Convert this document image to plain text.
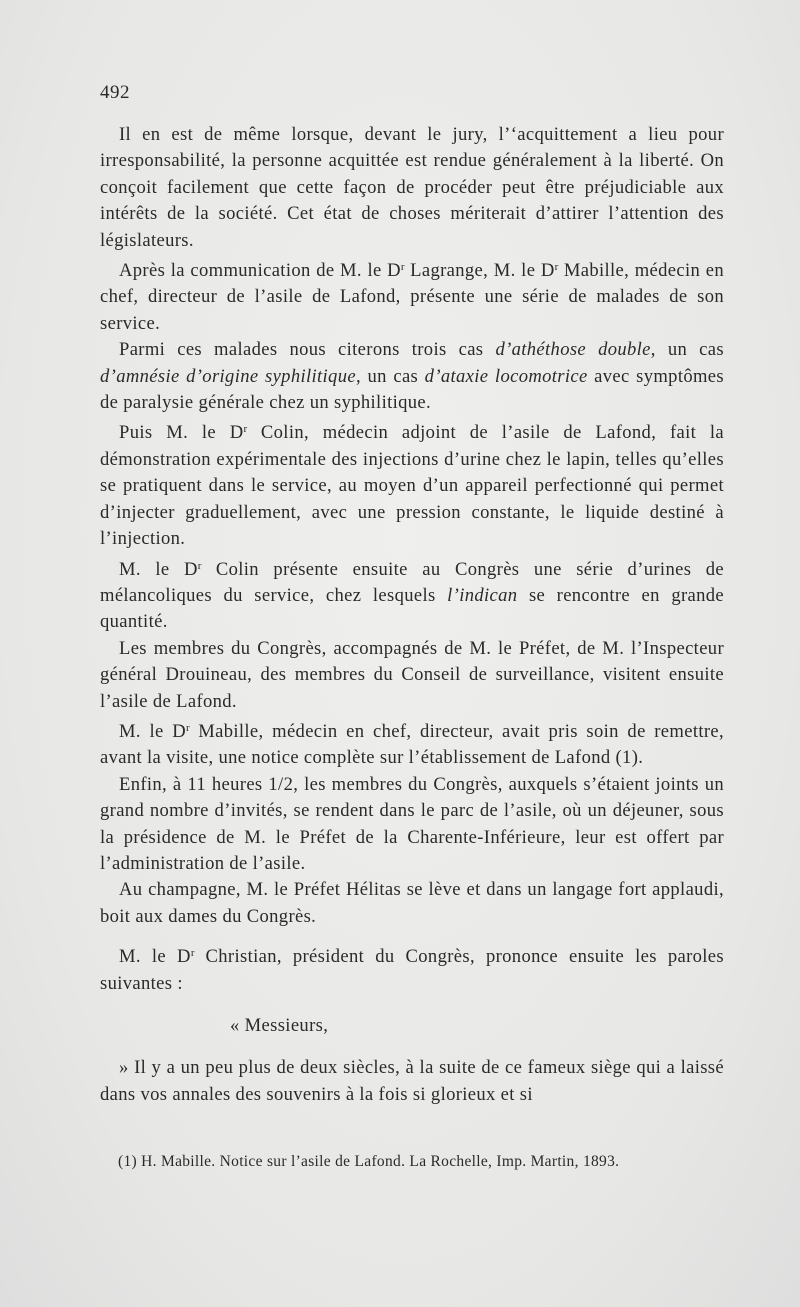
492

Il en est de même lorsque, devant le jury, l’‘acquittement a lieu pour irresponsabilité, la personne acquittée est rendue généralement à la liberté. On conçoit facilement que cette façon de procéder peut être préjudiciable aux intérêts de la société. Cet état de choses mériterait d’attirer l’attention des législateurs.

Après la communication de M. le $D^r$ Lagrange, M. le $D^r$ Mabille, médecin en chef, directeur de l’asile de Lafond, présente une série de malades de son service.

Parmi ces malades nous citerons trois cas d’athéthose double, un cas d’amnésie d’origine syphilitique, un cas d’ataxie locomotrice avec symptômes de paralysie générale chez un syphilitique.

Puis M. le $D^r$ Colin, médecin adjoint de l’asile de Lafond, fait la démonstration expérimentale des injections d’urine chez le lapin, telles qu’elles se pratiquent dans le service, au moyen d’un appareil perfectionné qui permet d’injecter graduellement, avec une pression constante, le liquide destiné à l’injection.

M. le $D^r$ Colin présente ensuite au Congrès une série d’urines de mélancoliques du service, chez lesquels l’indican se rencontre en grande quantité.

Les membres du Congrès, accompagnés de M. le Préfet, de M. l’Inspecteur général Drouineau, des membres du Conseil de surveillance, visitent ensuite l’asile de Lafond.

M. le $D^r$ Mabille, médecin en chef, directeur, avait pris soin de remettre, avant la visite, une notice complète sur l’établissement de Lafond (1).

Enfin, à 11 heures 1/2, les membres du Congrès, auxquels s’étaient joints un grand nombre d’invités, se rendent dans le parc de l’asile, où un déjeuner, sous la présidence de M. le Préfet de la Charente-Inférieure, leur est offert par l’administration de l’asile.

Au champagne, M. le Préfet Hélitas se lève et dans un langage fort applaudi, boit aux dames du Congrès.

M. le $D^r$ Christian, président du Congrès, prononce ensuite les paroles suivantes :

« Messieurs,

» Il y a un peu plus de deux siècles, à la suite de ce fameux siège qui a laissé dans vos annales des souvenirs à la fois si glorieux et si

(1) H. Mabille. Notice sur l’asile de Lafond. La Rochelle, Imp. Martin, 1893.
